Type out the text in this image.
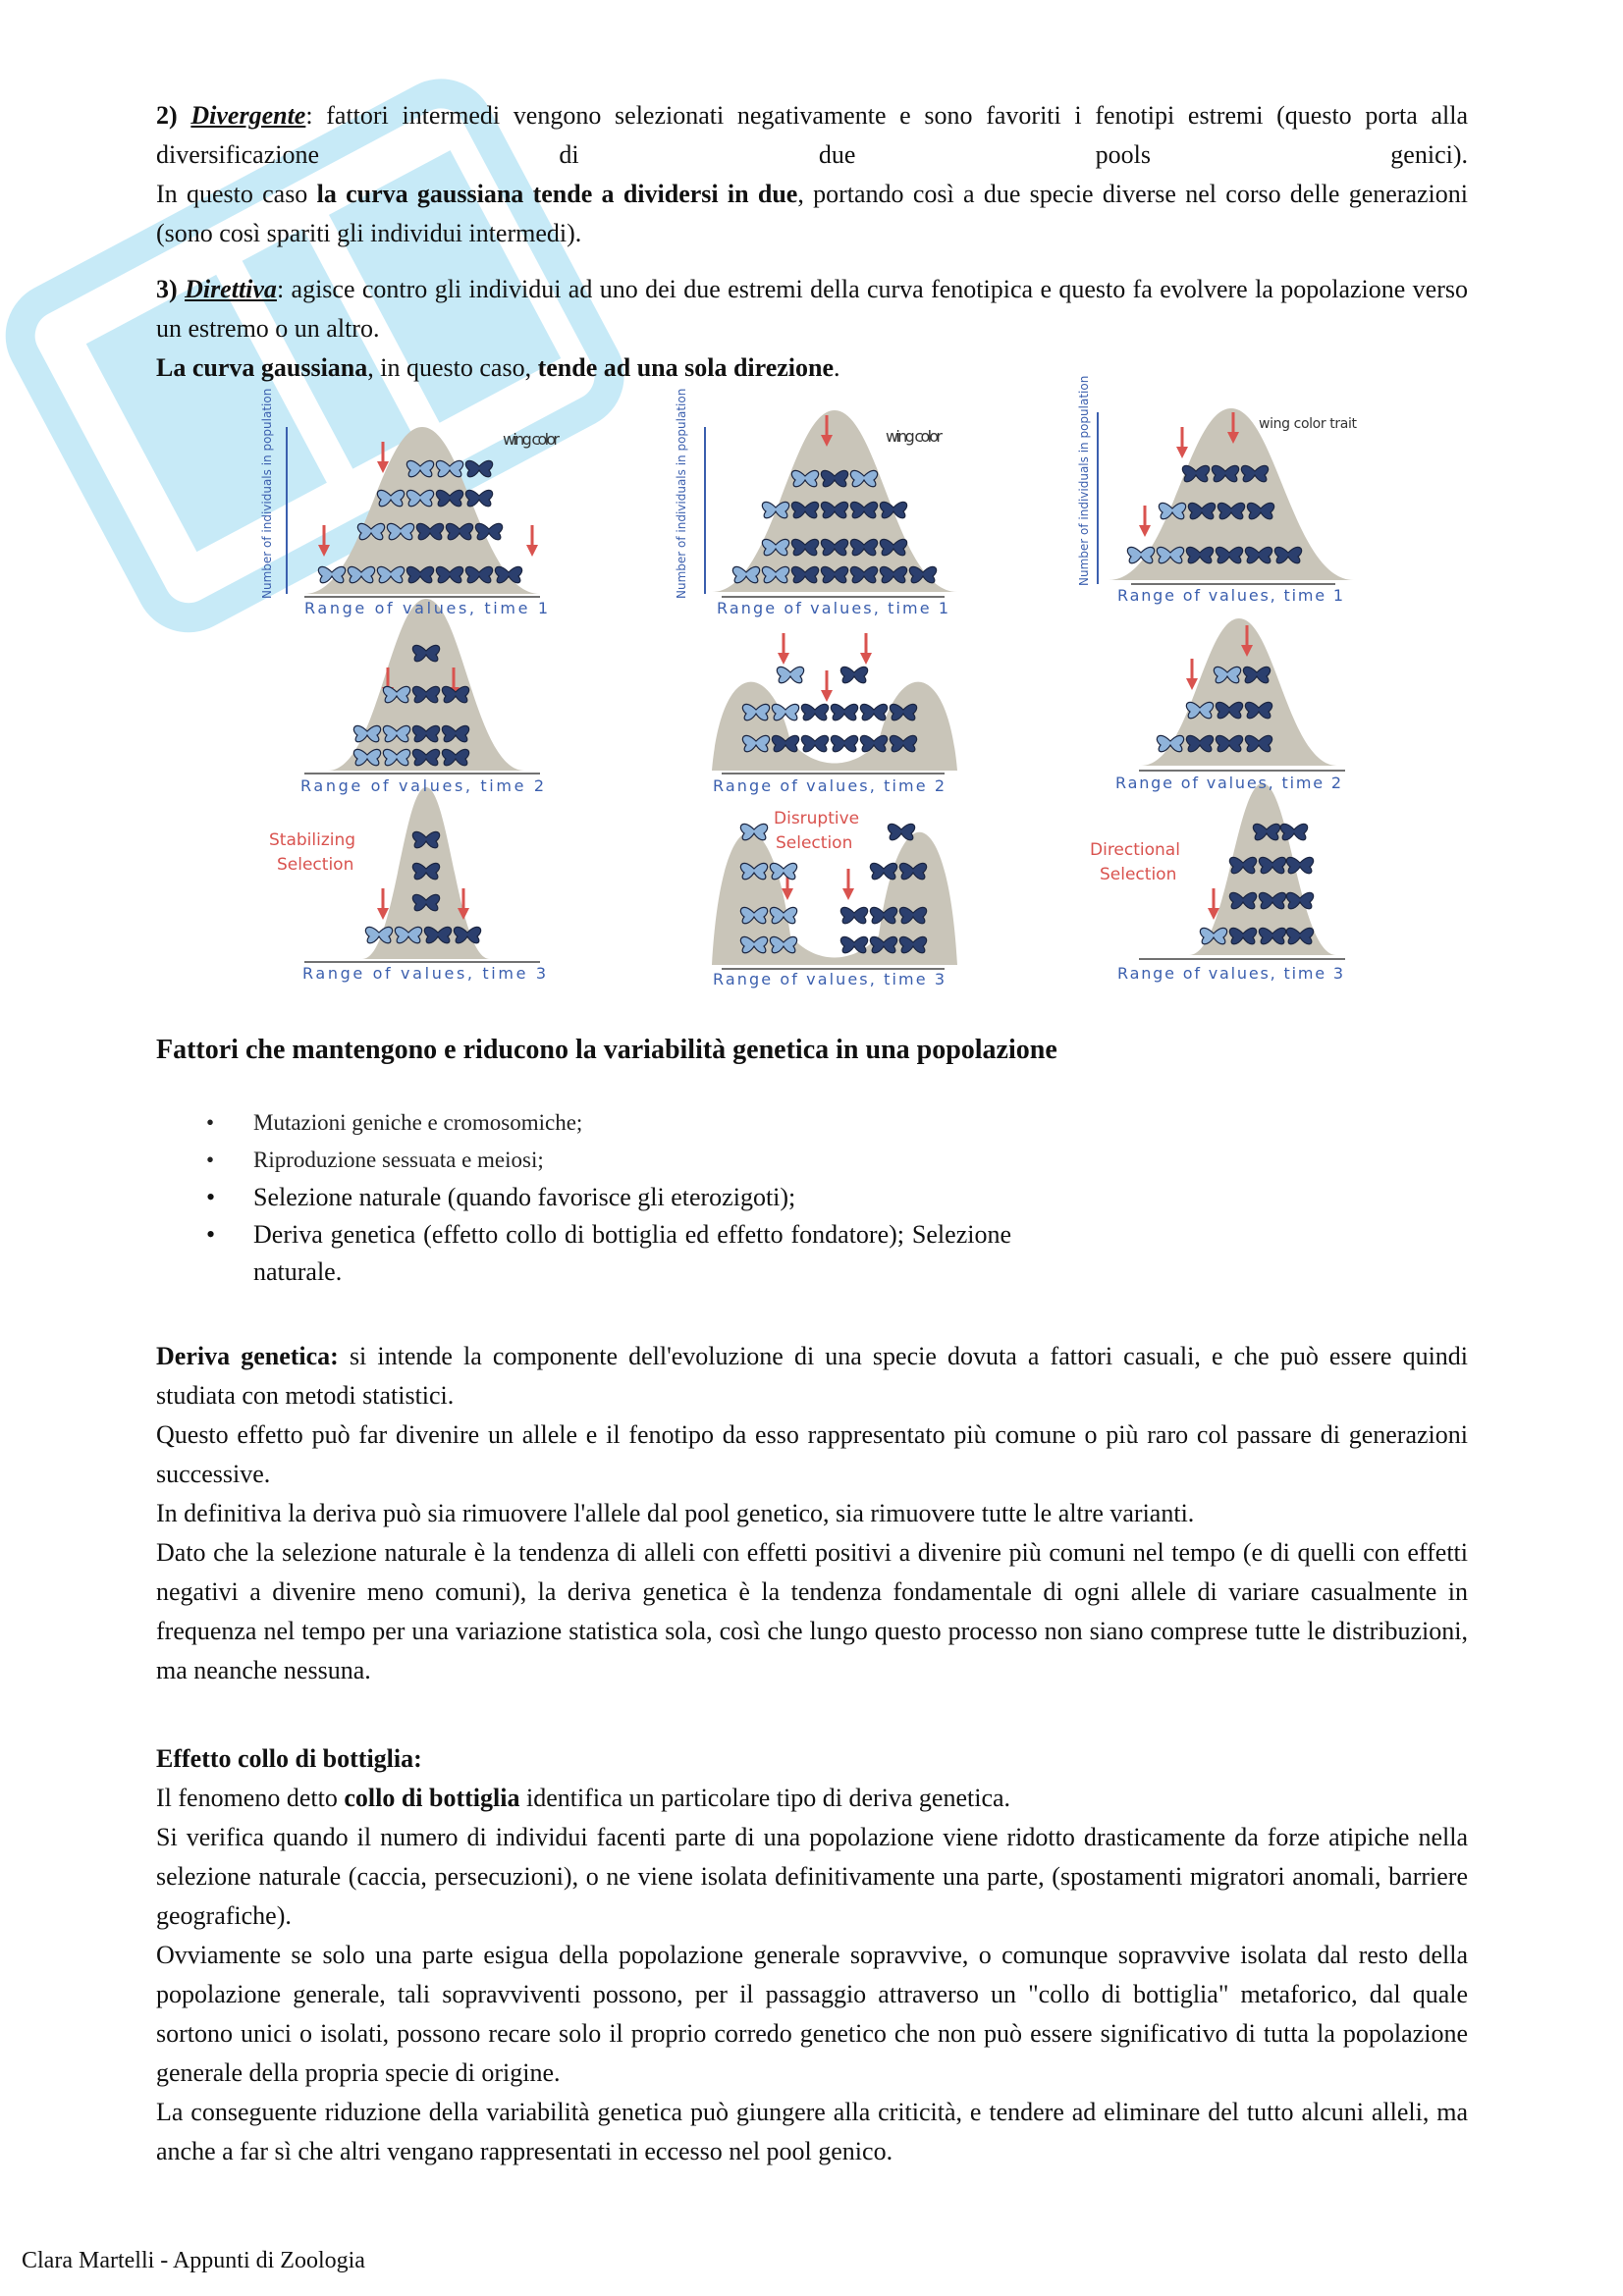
2) Divergente: fattori intermedi vengono selezionati negativamente e sono favoriti i fenotipi estremi (questo porta alla diversificazione di due pools genici).

In questo caso la curva gaussiana tende a dividersi in due, portando così a due specie diverse nel corso delle generazioni (sono così spariti gli individui intermedi).

3) Direttiva: agisce contro gli individui ad uno dei due estremi della curva fenotipica e questo fa evolvere la popolazione verso un estremo o un altro.

La curva gaussiana, in questo caso, tende ad una sola direzione.

Number of individuals in population	Number of individuals in population	Number of individuals in population
wing color	wing color
wing color trait
Range of values, time 1	Range of values, time 1
Range of values, time 1
Range of values, time 2	Range of values, time 2	Range of values, time 2
Range of values, time 3	Range of values, time 3	Range of values, time 3
Stabilizing Selection
Disruptive Selection	Directional Selection
Fattori che mantengono e riducono la variabilità genetica in una popolazione
• Mutazioni geniche e cromosomiche;
• Riproduzione sessuata e meiosi;
• Selezione naturale (quando favorisce gli eterozigoti);
• Deriva genetica (effetto collo di bottiglia ed effetto fondatore); Selezione naturale.

Deriva genetica: si intende la componente dell'evoluzione di una specie dovuta a fattori casuali, e che può essere quindi studiata con metodi statistici.

Questo effetto può far divenire un allele e il fenotipo da esso rappresentato più comune o più raro col passare di generazioni successive.

In definitiva la deriva può sia rimuovere l'allele dal pool genetico, sia rimuovere tutte le altre varianti.

Dato che la selezione naturale è la tendenza di alleli con effetti positivi a divenire più comuni nel tempo (e di quelli con effetti negativi a divenire meno comuni), la deriva genetica è la tendenza fondamentale di ogni allele di variare casualmente in frequenza nel tempo per una variazione statistica sola, così che lungo questo processo non siano comprese tutte le distribuzioni, ma neanche nessuna.

Effetto collo di bottiglia:

Il fenomeno detto collo di bottiglia identifica un particolare tipo di deriva genetica.

Si verifica quando il numero di individui facenti parte di una popolazione viene ridotto drasticamente da forze atipiche nella selezione naturale (caccia, persecuzioni), o ne viene isolata definitivamente una parte, (spostamenti migratori anomali, barriere geografiche).

Ovviamente se solo una parte esigua della popolazione generale sopravvive, o comunque sopravvive isolata dal resto della popolazione generale, tali sopravviventi possono, per il passaggio attraverso un "collo di bottiglia" metaforico, dal quale sortono unici o isolati, possono recare solo il proprio corredo genetico che non può essere significativo di tutta la popolazione generale della propria specie di origine.

La conseguente riduzione della variabilità genetica può giungere alla criticità, e tendere ad eliminare del tutto alcuni alleli, ma anche a far sì che altri vengano rappresentati in eccesso nel pool genico.

Clara Martelli - Appunti di Zoologia
